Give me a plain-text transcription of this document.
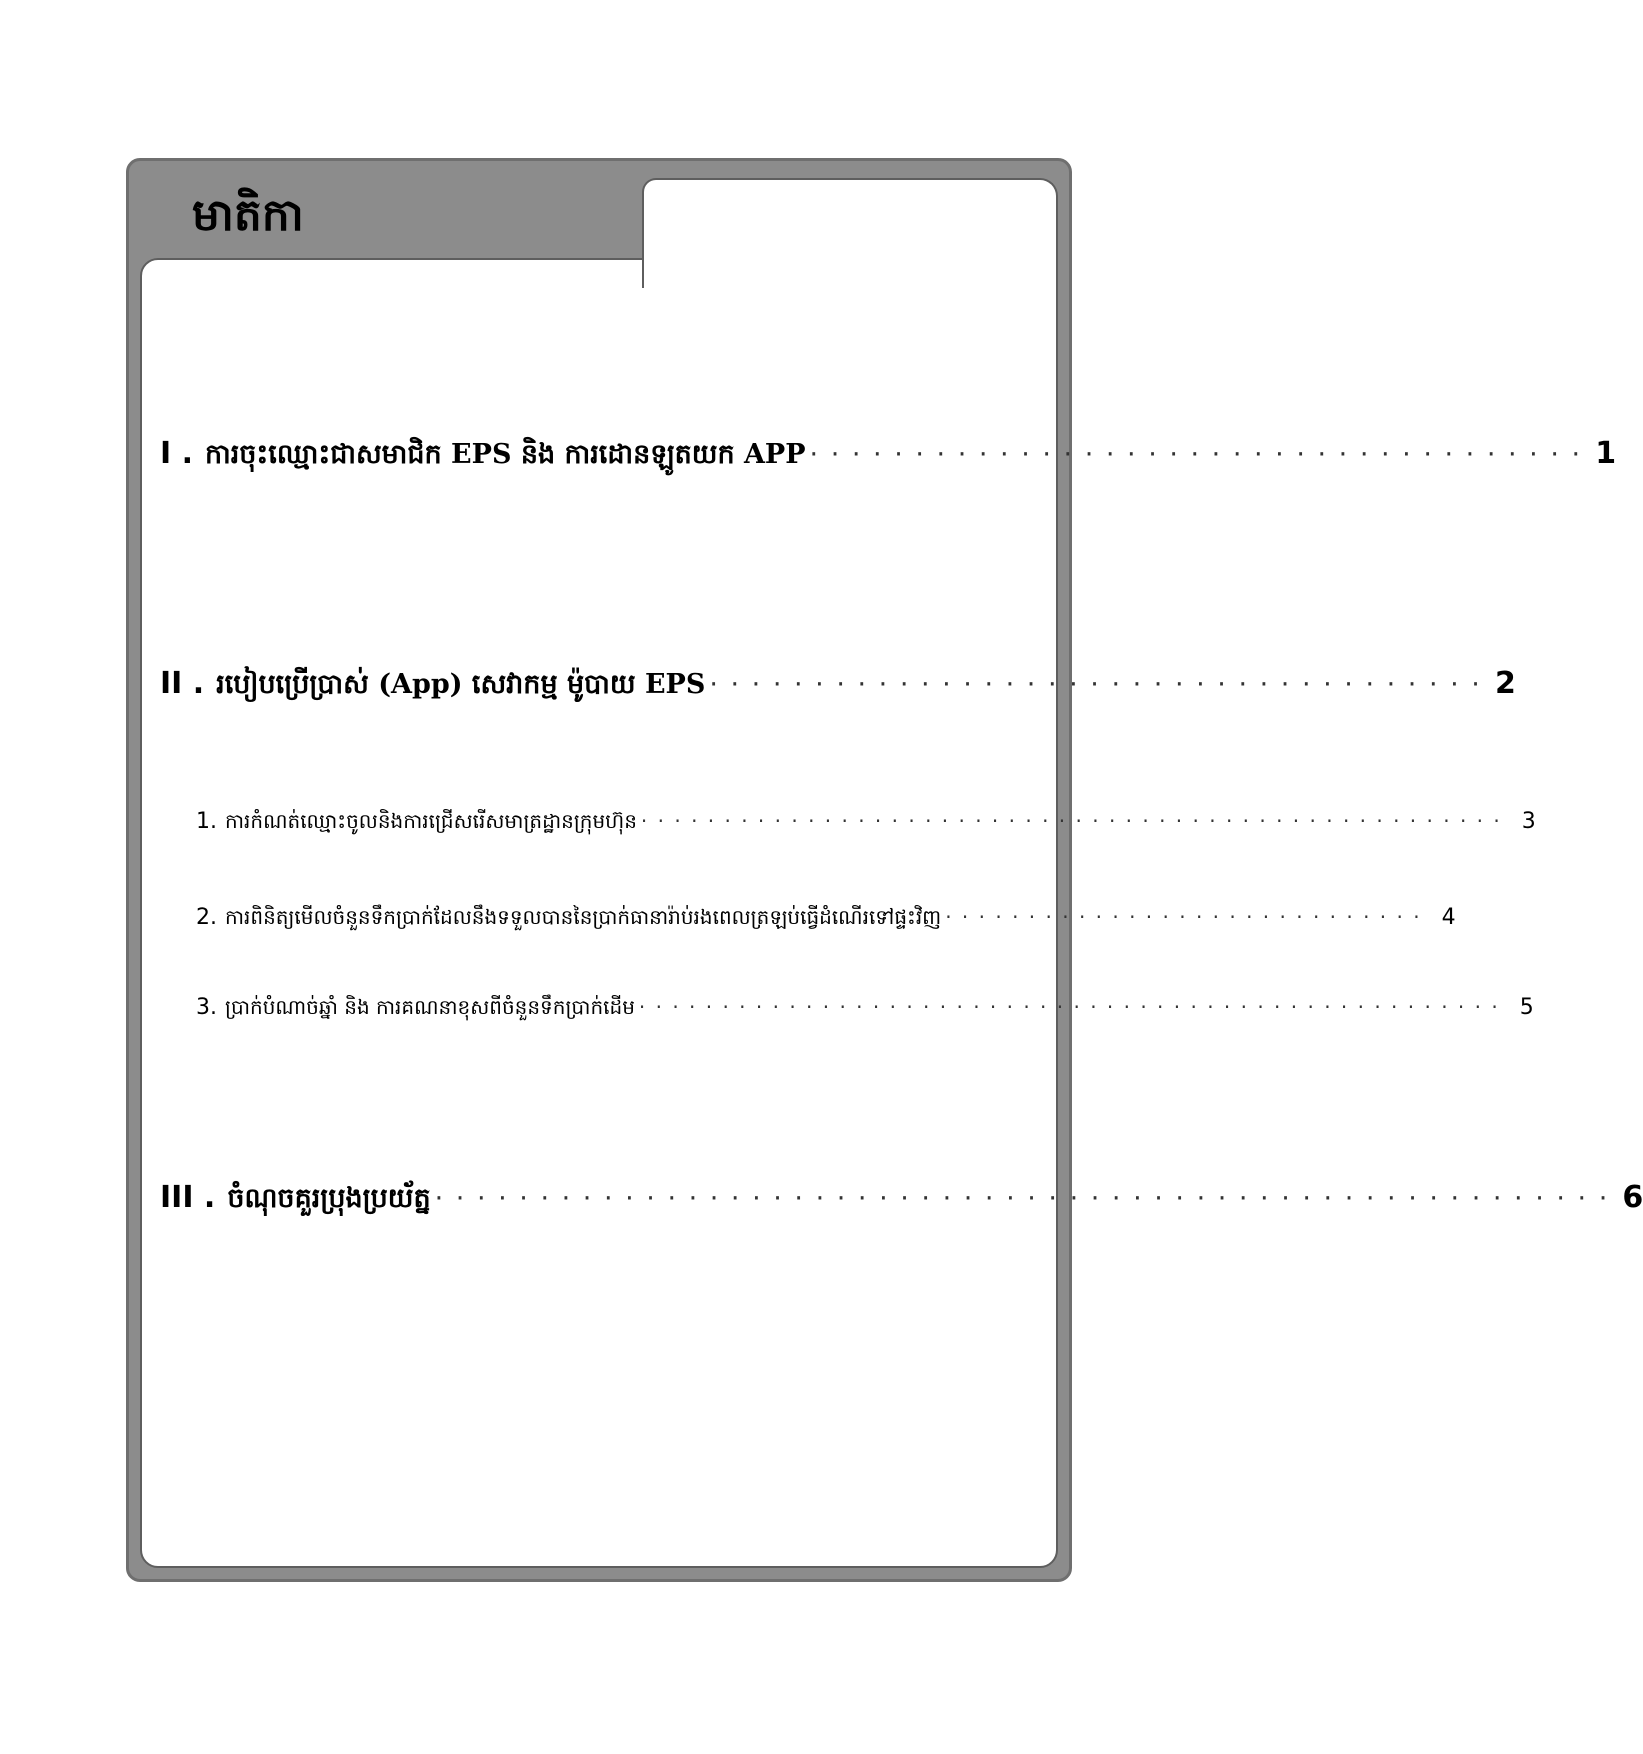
មាតិកា
I . ការចុះឈ្មោះជាសមាជិក EPS និង ការដោនឡូតយក APP · · · · · · · · · · · · · · · · · · · · · · · · · · · · · · · · · · · · · 1
II . របៀបប្រើប្រាស់ (App) សេវាកម្ម ម៉ូបាយ EPS · · · · · · · · · · · · · · · · · · · · · · · · · · · · · · · · · · · · · 2
1. ការកំណត់ឈ្មោះចូលនិងការជ្រើសរើសមាត្រដ្ឋានក្រុមហ៊ុន · · · · · · · · · · · · · · · · · · · · · · · · · · · · · · · · · · · · · · · · · · · · · · · · · · · · 3
2. ការពិនិត្យមើលចំនួនទឹកប្រាក់ដែលនឹងទទួលបាននៃប្រាក់ធានារ៉ាប់រងពេលត្រឡប់ធ្វើដំណើរទៅផ្ទះវិញ · · · · · · · · · · · · · · · · · · · · · · · · · · · · · 4
3. ប្រាក់បំណាច់ឆ្នាំ និង ការគណនាខុសពីចំនួនទឹកប្រាក់ដើម · · · · · · · · · · · · · · · · · · · · · · · · · · · · · · · · · · · · · · · · · · · · · · · · · · · · 5
III . ចំណុចគួរប្រុងប្រយ័ត្ន · · · · · · · · · · · · · · · · · · · · · · · · · · · · · · · · · · · · · · · · · · · · · · · · · · · · · · · · 6
